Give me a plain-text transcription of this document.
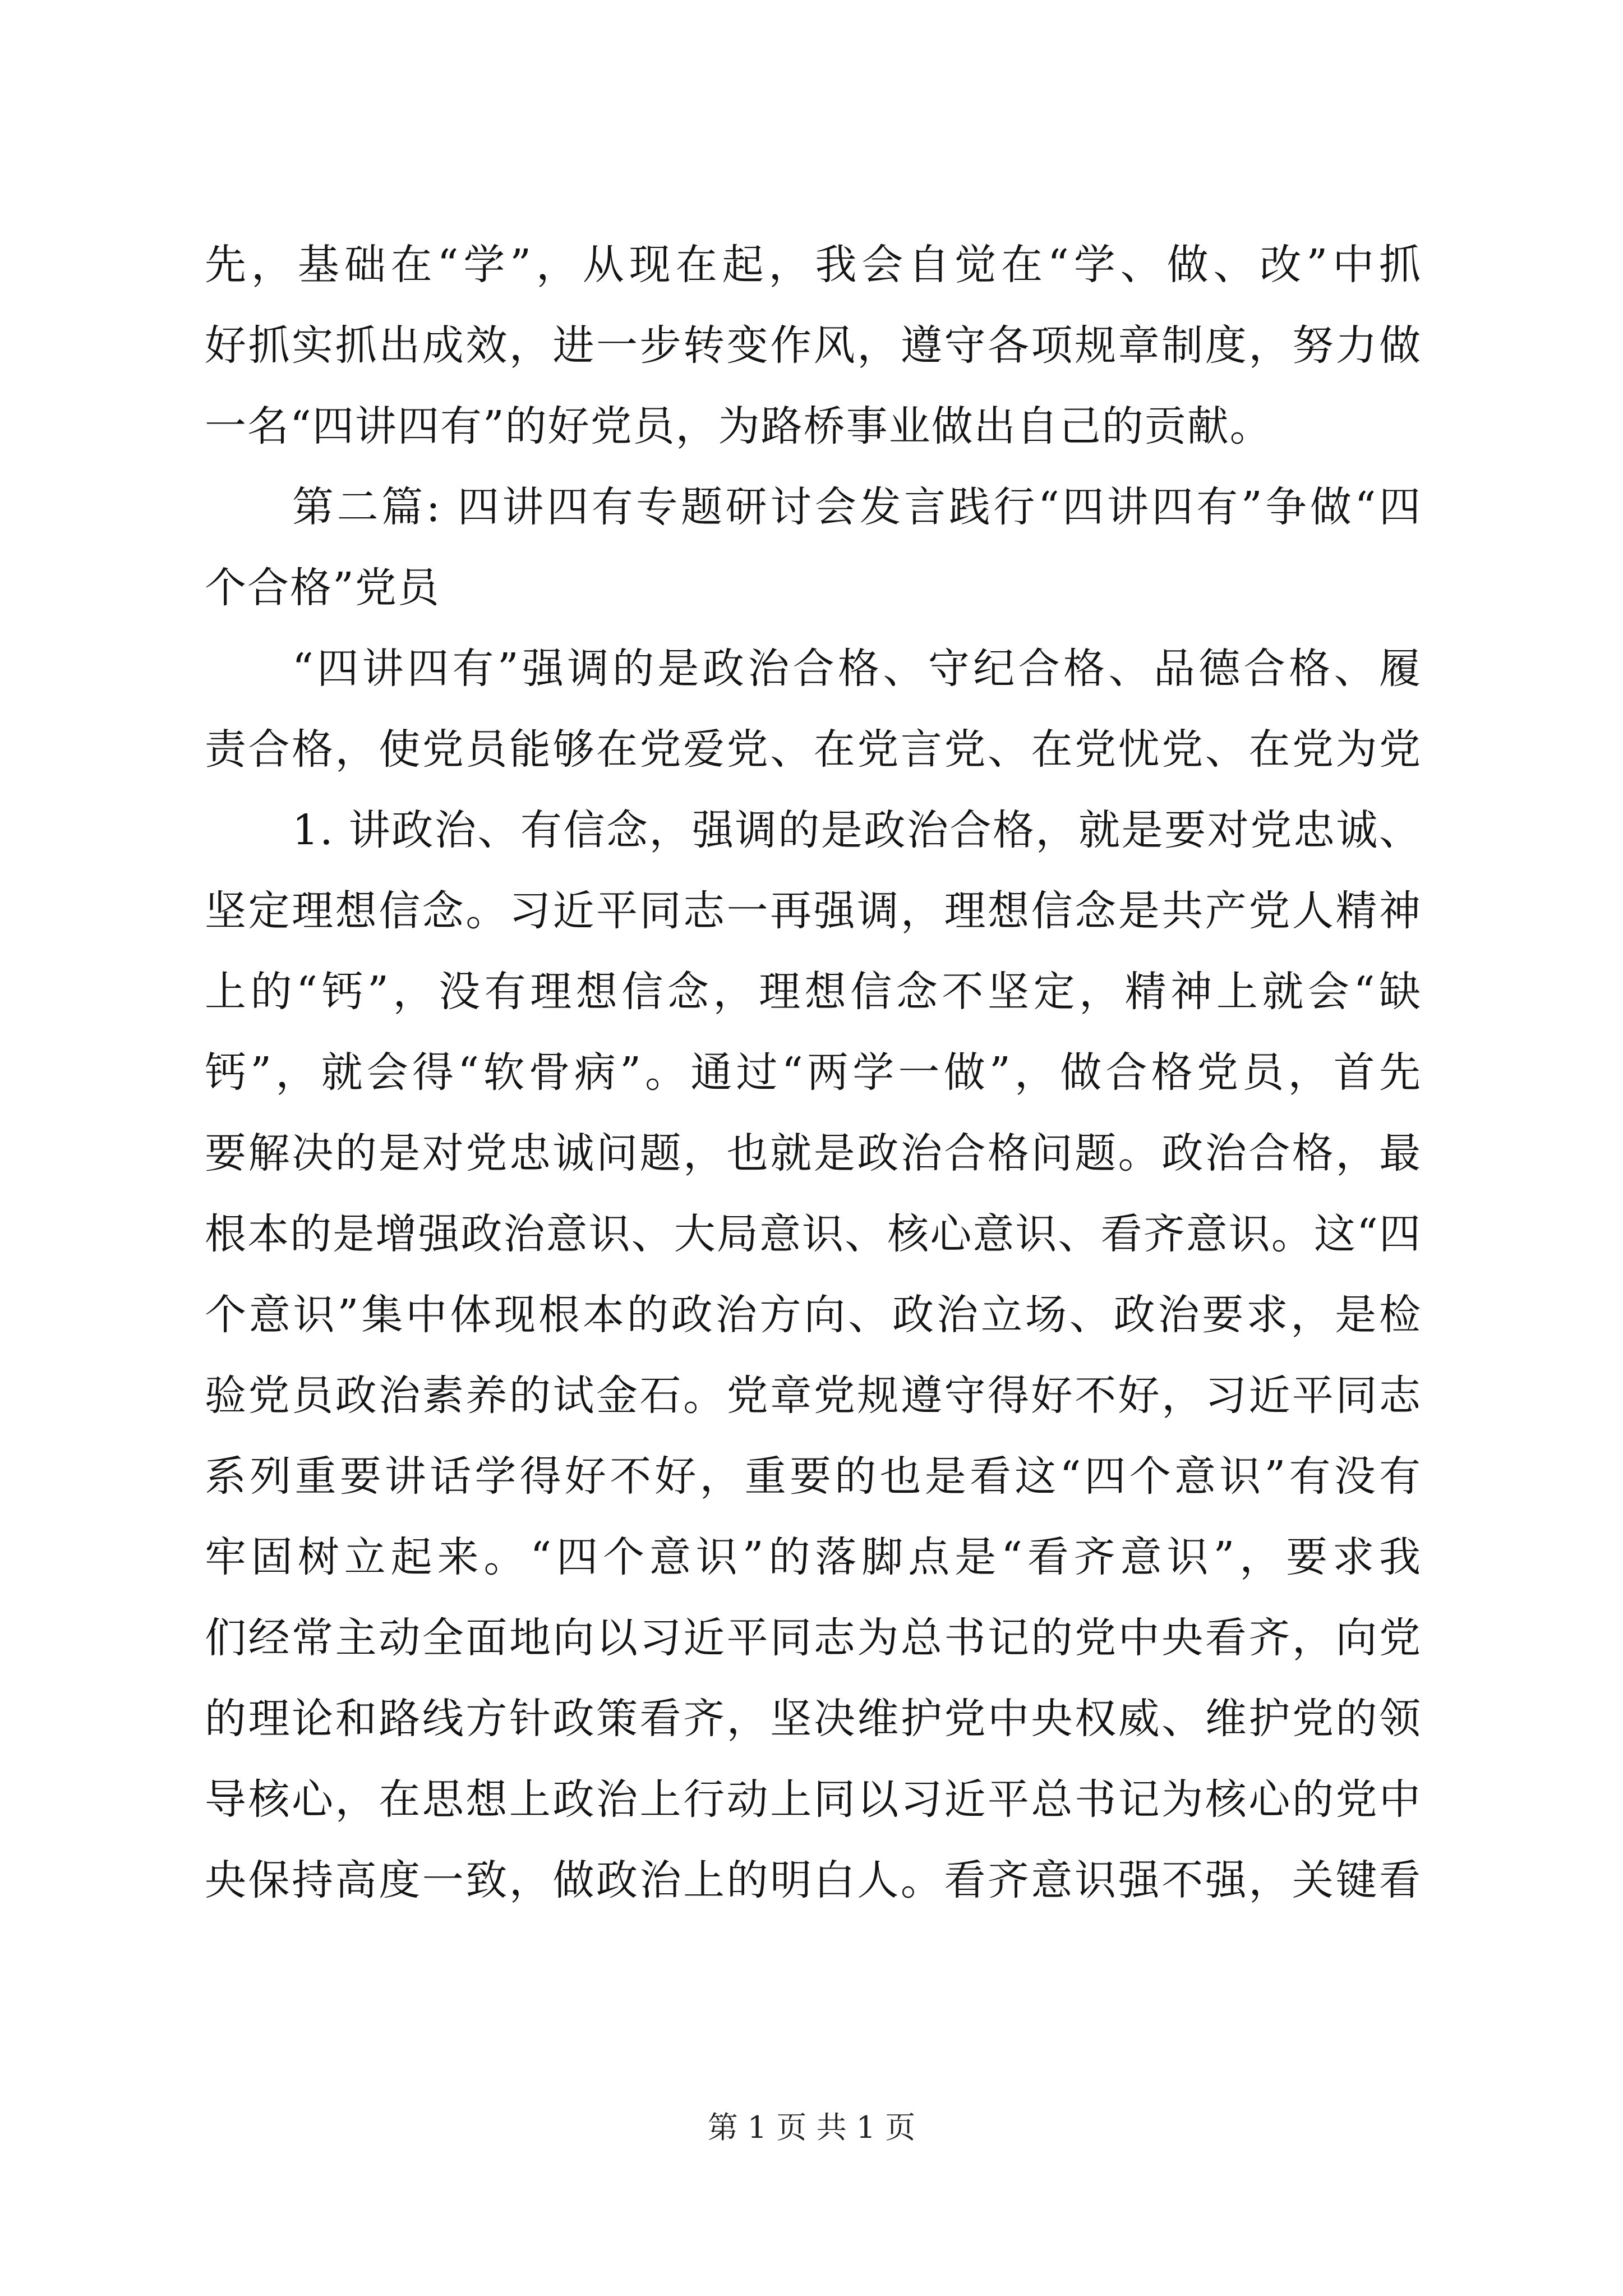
先，基础在“学”，从现在起，我会自觉在“学、做、改”中抓
好抓实抓出成效，进一步转变作风，遵守各项规章制度，努力做
一名“四讲四有”的好党员，为路桥事业做出自己的贡献。
第二篇: 四讲四有专题研讨会发言践行“四讲四有”争做“四
个合格”党员
“四讲四有”强调的是政治合格、守纪合格、品德合格、履
责合格，使党员能够在党爱党、在党言党、在党忧党、在党为党
1. 讲政治、有信念，强调的是政治合格，就是要对党忠诚、
坚定理想信念。习近平同志一再强调，理想信念是共产党人精神
上的“钙”，没有理想信念，理想信念不坚定，精神上就会“缺
钙”，就会得“软骨病”。通过“两学一做”，做合格党员，首先
要解决的是对党忠诚问题，也就是政治合格问题。政治合格，最
根本的是增强政治意识、大局意识、核心意识、看齐意识。这“四
个意识”集中体现根本的政治方向、政治立场、政治要求，是检
验党员政治素养的试金石。党章党规遵守得好不好，习近平同志
系列重要讲话学得好不好，重要的也是看这“四个意识”有没有
牢固树立起来。“四个意识”的落脚点是“看齐意识”，要求我
们经常主动全面地向以习近平同志为总书记的党中央看齐，向党
的理论和路线方针政策看齐，坚决维护党中央权威、维护党的领
导核心，在思想上政治上行动上同以习近平总书记为核心的党中
央保持高度一致，做政治上的明白人。看齐意识强不强，关键看
第 1 页 共 1 页
